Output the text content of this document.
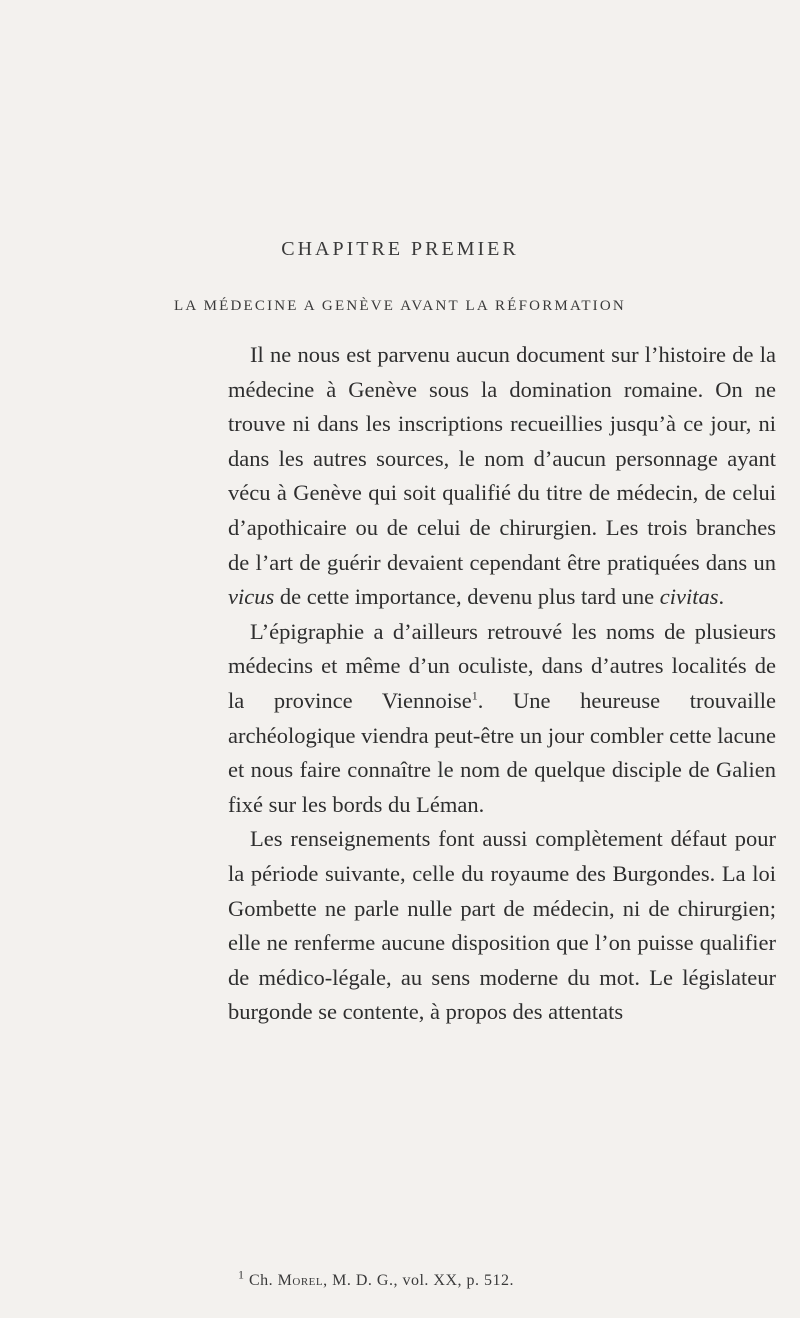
CHAPITRE PREMIER
LA MÉDECINE A GENÈVE AVANT LA RÉFORMATION

Il ne nous est parvenu aucun document sur l’histoire de la médecine à Genève sous la domination romaine. On ne trouve ni dans les inscriptions recueillies jusqu’à ce jour, ni dans les autres sources, le nom d’aucun personnage ayant vécu à Genève qui soit qualifié du titre de médecin, de celui d’apothicaire ou de celui de chirurgien. Les trois branches de l’art de guérir devaient cependant être pratiquées dans un vicus de cette importance, devenu plus tard une civitas.

L’épigraphie a d’ailleurs retrouvé les noms de plusieurs médecins et même d’un oculiste, dans d’autres localités de la province Viennoise$^1$. Une heureuse trouvaille archéologique viendra peut-être un jour combler cette lacune et nous faire connaître le nom de quelque disciple de Galien fixé sur les bords du Léman.

Les renseignements font aussi complètement défaut pour la période suivante, celle du royaume des Burgondes. La loi Gombette ne parle nulle part de médecin, ni de chirurgien; elle ne renferme aucune disposition que l’on puisse qualifier de médico-légale, au sens moderne du mot. Le législateur burgonde se contente, à propos des attentats

$^1$ Ch. Morel, M. D. G., vol. XX, p. 512.
